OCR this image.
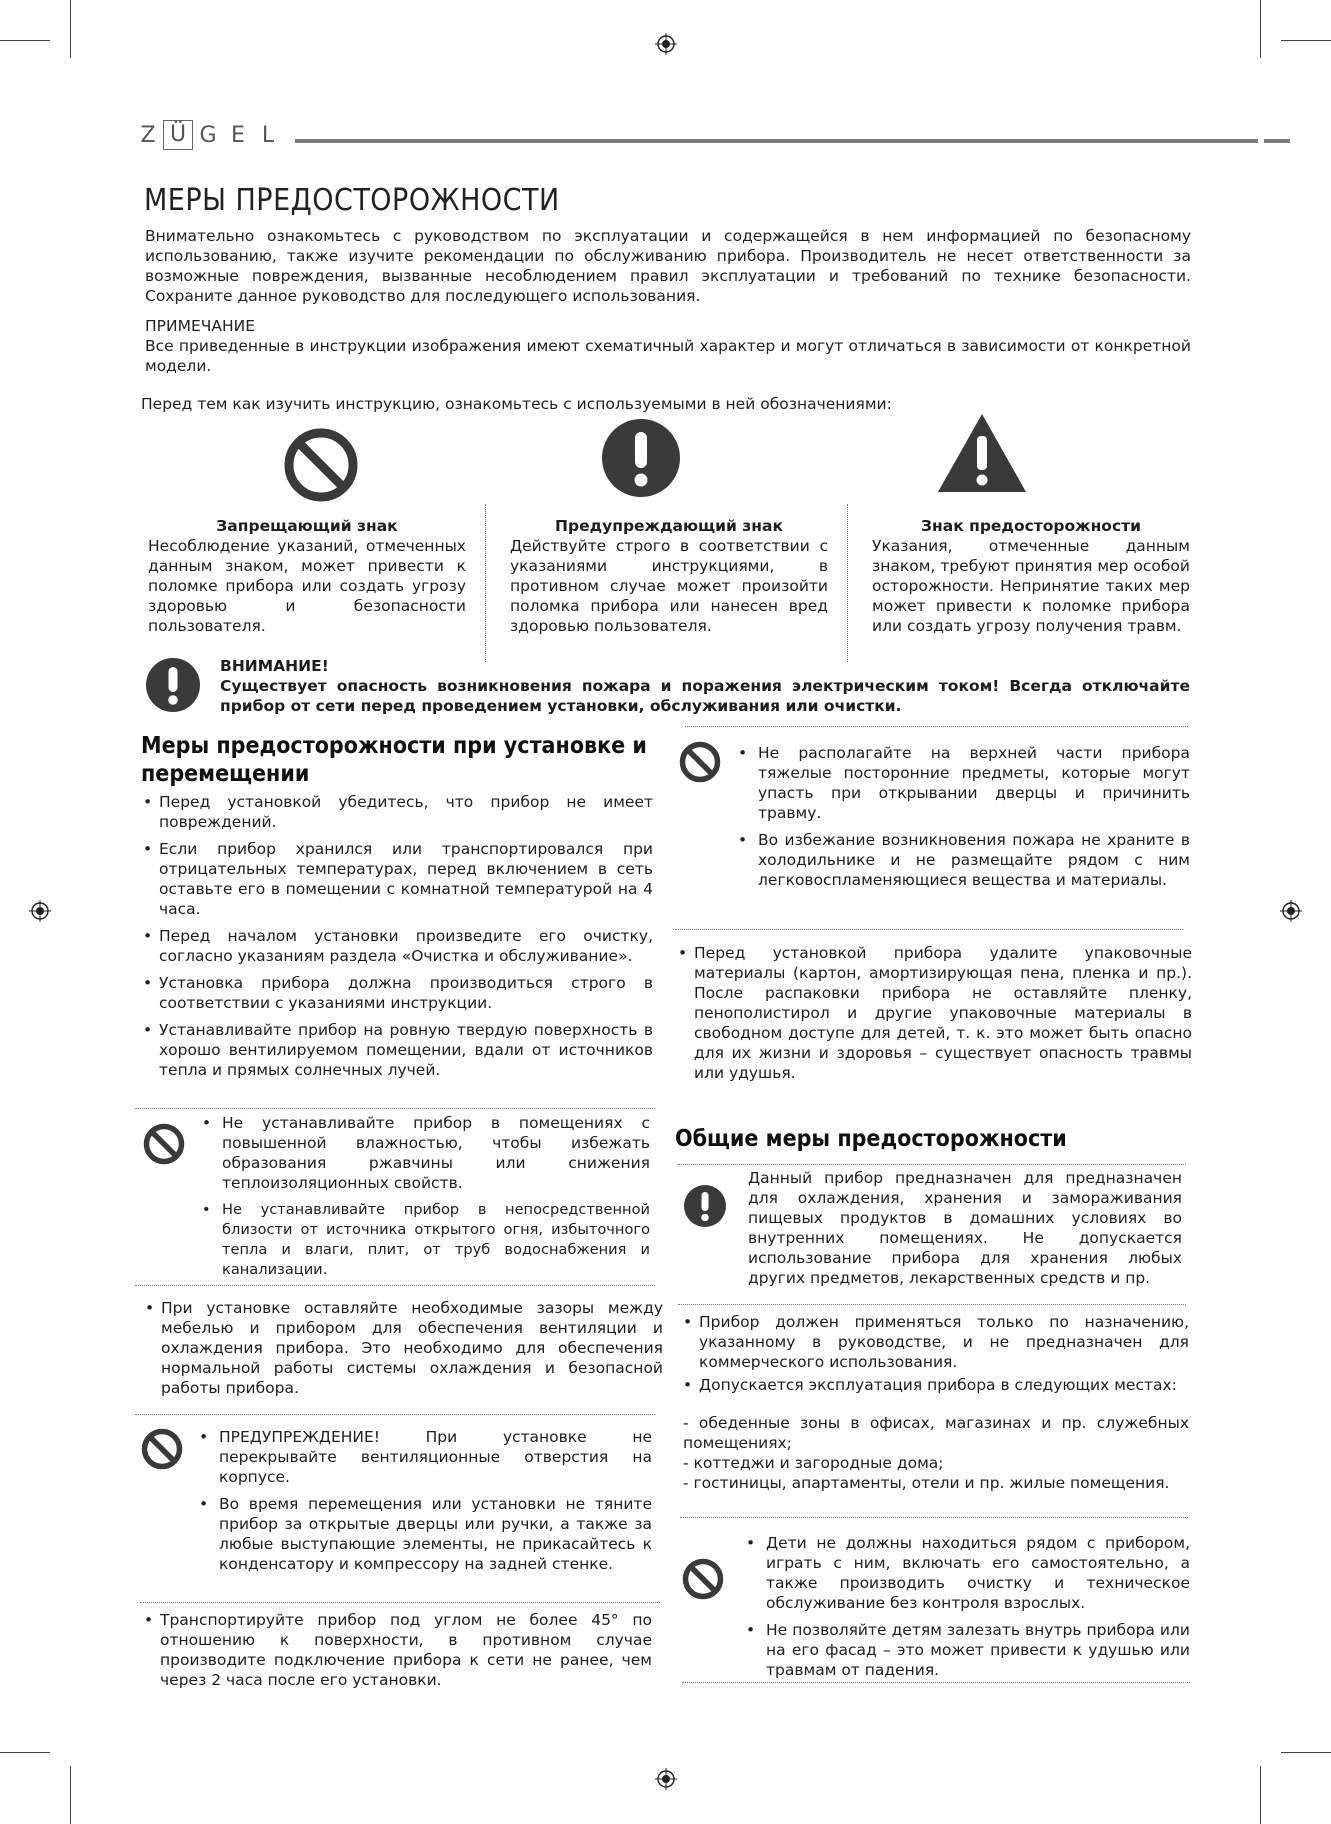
Z Ü G E L
МЕРЫ ПРЕДОСТОРОЖНОСТИ
Внимательно ознакомьтесь с руководством по эксплуатации и содержащейся в нем информацией по безопасному использованию, также изучите рекомендации по обслуживанию прибора. Производитель не несет ответственности за возможные повреждения, вызванные несоблюдением правил эксплуатации и требований по технике безопасности. Сохраните данное руководство для последующего использования.
ПРИМЕЧАНИЕ
Все приведенные в инструкции изображения имеют схематичный характер и могут отличаться в зависимости от конкретной модели.
Перед тем как изучить инструкцию, ознакомьтесь с используемыми в ней обозначениями:
Запрещающий знак
Несоблюдение указаний, отмеченных данным знаком, может привести к поломке прибора или создать угрозу здоровью и безопасности пользователя.
Предупреждающий знак
Действуйте строго в соответствии с указаниями инструкциями, в противном случае может произойти поломка прибора или нанесен вред здоровью пользователя.
Знак предосторожности
Указания, отмеченные данным знаком, требуют принятия мер особой осторожности. Непринятие таких мер может привести к поломке прибора или создать угрозу получения травм.
ВНИМАНИЕ!
Существует опасность возникновения пожара и поражения электрическим током! Всегда отключайте прибор от сети перед проведением установки, обслуживания или очистки.
Меры предосторожности при установке и перемещении
• Перед установкой убедитесь, что прибор не имеет повреждений.
• Если прибор хранился или транспортировался при отрицательных температурах, перед включением в сеть оставьте его в помещении с комнатной температурой на 4 часа.
• Перед началом установки произведите его очистку, согласно указаниям раздела «Очистка и обслуживание».
• Установка прибора должна производиться строго в соответствии с указаниями инструкции.
• Устанавливайте прибор на ровную твердую поверхность в хорошо вентилируемом помещении, вдали от источников тепла и прямых солнечных лучей.
• Не устанавливайте прибор в помещениях с повышенной влажностью, чтобы избежать образования ржавчины или снижения теплоизоляционных свойств.
• Не устанавливайте прибор в непосредственной близости от источника открытого огня, избыточного тепла и влаги, плит, от труб водоснабжения и канализации.
• При установке оставляйте необходимые зазоры между мебелью и прибором для обеспечения вентиляции и охлаждения прибора. Это необходимо для обеспечения нормальной работы системы охлаждения и безопасной работы прибора.
• ПРЕДУПРЕЖДЕНИЕ! При установке не перекрывайте вентиляционные отверстия на корпусе.
• Во время перемещения или установки не тяните прибор за открытые дверцы или ручки, а также за любые выступающие элементы, не прикасайтесь к конденсатору и компрессору на задней стенке.
• Транспортируйте прибор под углом не более 45° по отношению к поверхности, в противном случае производите подключение прибора к сети не ранее, чем через 2 часа после его установки.
• Не располагайте на верхней части прибора тяжелые посторонние предметы, которые могут упасть при открывании дверцы и причинить травму.
• Во избежание возникновения пожара не храните в холодильнике и не размещайте рядом с ним легковоспламеняющиеся вещества и материалы.
• Перед установкой прибора удалите упаковочные материалы (картон, амортизирующая пена, пленка и пр.). После распаковки прибора не оставляйте пленку, пенополистирол и другие упаковочные материалы в свободном доступе для детей, т. к. это может быть опасно для их жизни и здоровья – существует опасность травмы или удушья.
Общие меры предосторожности
Данный прибор предназначен для предназначен для охлаждения, хранения и замораживания пищевых продуктов в домашних условиях во внутренних помещениях. Не допускается использование прибора для хранения любых других предметов, лекарственных средств и пр.
• Прибор должен применяться только по назначению, указанному в руководстве, и не предназначен для коммерческого использования.
• Допускается эксплуатация прибора в следующих местах:
- обеденные зоны в офисах, магазинах и пр. служебных помещениях;
- коттеджи и загородные дома;
- гостиницы, апартаменты, отели и пр. жилые помещения.
• Дети не должны находиться рядом с прибором, играть с ним, включать его самостоятельно, а также производить очистку и техническое обслуживание без контроля взрослых.
• Не позволяйте детям залезать внутрь прибора или на его фасад – это может привести к удушью или травмам от падения.
